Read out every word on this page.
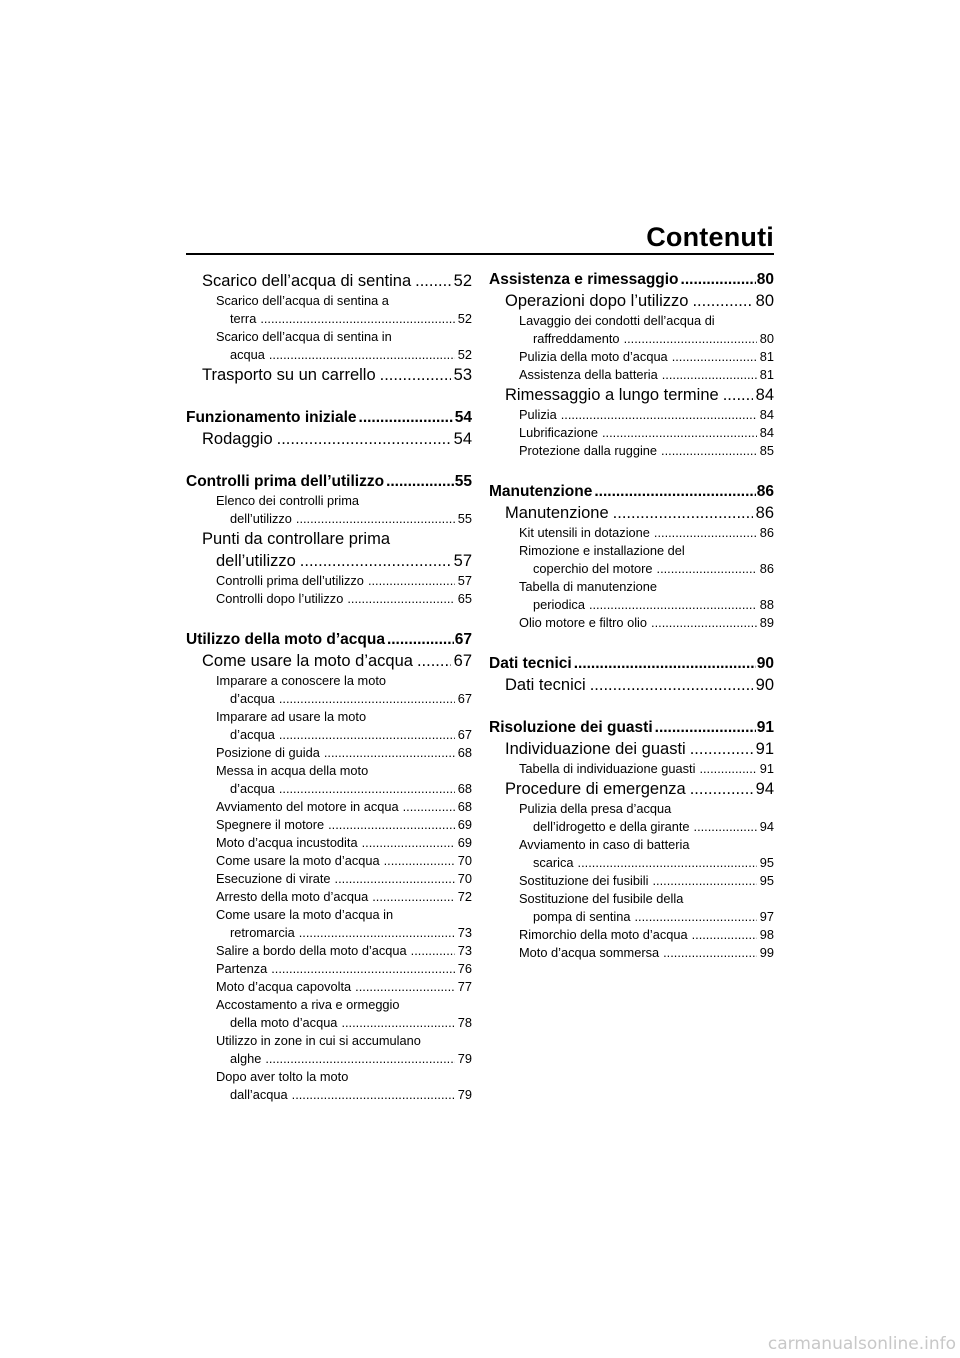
Contenuti
Scarico dell’acqua di sentina .....	52
Scarico dell’acqua di sentina a
terra .....	52
Scarico dell’acqua di sentina in
acqua .....	52
Trasporto su un carrello .....	53
Funzionamento iniziale .....	54
Rodaggio .....	54
Controlli prima dell’utilizzo .....	55
Elenco dei controlli prima
dell’utilizzo .....	55
Punti da controllare prima
dell’utilizzo .....	57
Controlli prima dell’utilizzo .....	57
Controlli dopo l’utilizzo .....	65
Utilizzo della moto d’acqua .....	67
Come usare la moto d’acqua ..... 67
Imparare a conoscere la moto
d’acqua .....	67
Imparare ad usare la moto
d’acqua .....	67
Posizione di guida .....	68
Messa in acqua della moto
d’acqua .....	68
Avviamento del motore in acqua .....	68
Spegnere il motore .....	69
Moto d’acqua incustodita .....	69
Come usare la moto d’acqua .....	70
Esecuzione di virate .....	70
Arresto della moto d’acqua .....	72
Come usare la moto d’acqua in
retromarcia .....	73
Salire a bordo della moto d’acqua .....	73
Partenza .....	76
Moto d’acqua capovolta .....	77
Accostamento a riva e ormeggio
della moto d’acqua .....	78
Utilizzo in zone in cui si accumulano
alghe .....	79
Dopo aver tolto la moto
dall’acqua .....	79
Assistenza e rimessaggio .....	80
Operazioni dopo l’utilizzo .....	80
Lavaggio dei condotti dell’acqua di
raffreddamento .....	80
Pulizia della moto d’acqua .....	81
Assistenza della batteria .....	81
Rimessaggio a lungo termine ..... 84
Pulizia .....	84
Lubrificazione .....	84
Protezione dalla ruggine .....	85
Manutenzione .....	86
Manutenzione .....	86
Kit utensili in dotazione .....	86
Rimozione e installazione del
coperchio del motore .....	86
Tabella di manutenzione
periodica .....	88
Olio motore e filtro olio .....	89
Dati tecnici .....	90
Dati tecnici .....	90
Risoluzione dei guasti .....	91
Individuazione dei guasti .....	91
Tabella di individuazione guasti .....	91
Procedure di emergenza .....	94
Pulizia della presa d’acqua
dell’idrogetto e della girante .....	94
Avviamento in caso di batteria
scarica .....	95
Sostituzione dei fusibili .....	95
Sostituzione del fusibile della
pompa di sentina .....	97
Rimorchio della moto d’acqua .....	98
Moto d’acqua sommersa .....	99
carmanualsonline.info
